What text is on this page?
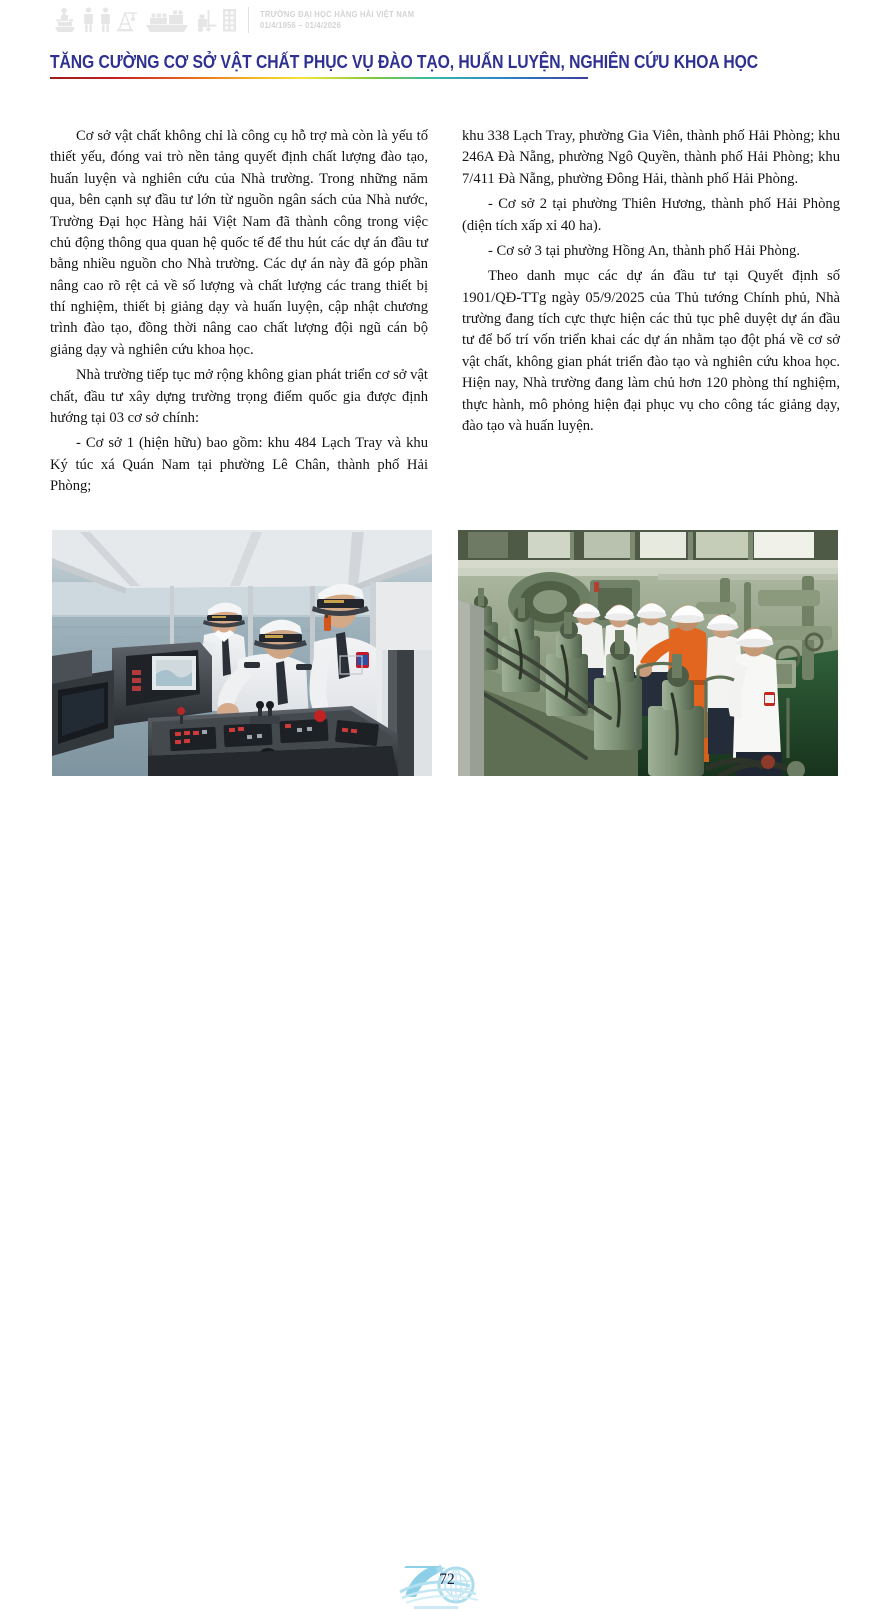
TRƯỜNG ĐẠI HỌC HÀNG HẢI VIỆT NAM
01/4/1956 – 01/4/2026
TĂNG CƯỜNG CƠ SỞ VẬT CHẤT PHỤC VỤ ĐÀO TẠO, HUẤN LUYỆN, NGHIÊN CỨU KHOA HỌC

Cơ sở vật chất không chỉ là công cụ hỗ trợ mà còn là yếu tố thiết yếu, đóng vai trò nền tảng quyết định chất lượng đào tạo, huấn luyện và nghiên cứu của Nhà trường. Trong những năm qua, bên cạnh sự đầu tư lớn từ nguồn ngân sách của Nhà nước, Trường Đại học Hàng hải Việt Nam đã thành công trong việc chủ động thông qua quan hệ quốc tế để thu hút các dự án đầu tư bằng nhiều nguồn cho Nhà trường. Các dự án này đã góp phần nâng cao rõ rệt cả về số lượng và chất lượng các trang thiết bị thí nghiệm, thiết bị giảng dạy và huấn luyện, cập nhật chương trình đào tạo, đồng thời nâng cao chất lượng đội ngũ cán bộ giảng dạy và nghiên cứu khoa học.

Nhà trường tiếp tục mở rộng không gian phát triển cơ sở vật chất, đầu tư xây dựng trường trọng điểm quốc gia được định hướng tại 03 cơ sở chính:

- Cơ sở 1 (hiện hữu) bao gồm: khu 484 Lạch Tray và khu Ký túc xá Quán Nam tại phường Lê Chân, thành phố Hải Phòng;

khu 338 Lạch Tray, phường Gia Viên, thành phố Hải Phòng; khu 246A Đà Nẵng, phường Ngô Quyền, thành phố Hải Phòng; khu 7/411 Đà Nẵng, phường Đông Hải, thành phố Hải Phòng.

- Cơ sở 2 tại phường Thiên Hương, thành phố Hải Phòng (diện tích xấp xỉ 40 ha).

- Cơ sở 3 tại phường Hồng An, thành phố Hải Phòng.

Theo danh mục các dự án đầu tư tại Quyết định số 1901/QĐ-TTg ngày 05/9/2025 của Thủ tướng Chính phủ, Nhà trường đang tích cực thực hiện các thủ tục phê duyệt dự án đầu tư để bố trí vốn triển khai các dự án nhằm tạo đột phá về cơ sở vật chất, không gian phát triển đào tạo và nghiên cứu khoa học. Hiện nay, Nhà trường đang làm chủ hơn 120 phòng thí nghiệm, thực hành, mô phỏng hiện đại phục vụ cho công tác giảng dạy, đào tạo và huấn luyện.

72
